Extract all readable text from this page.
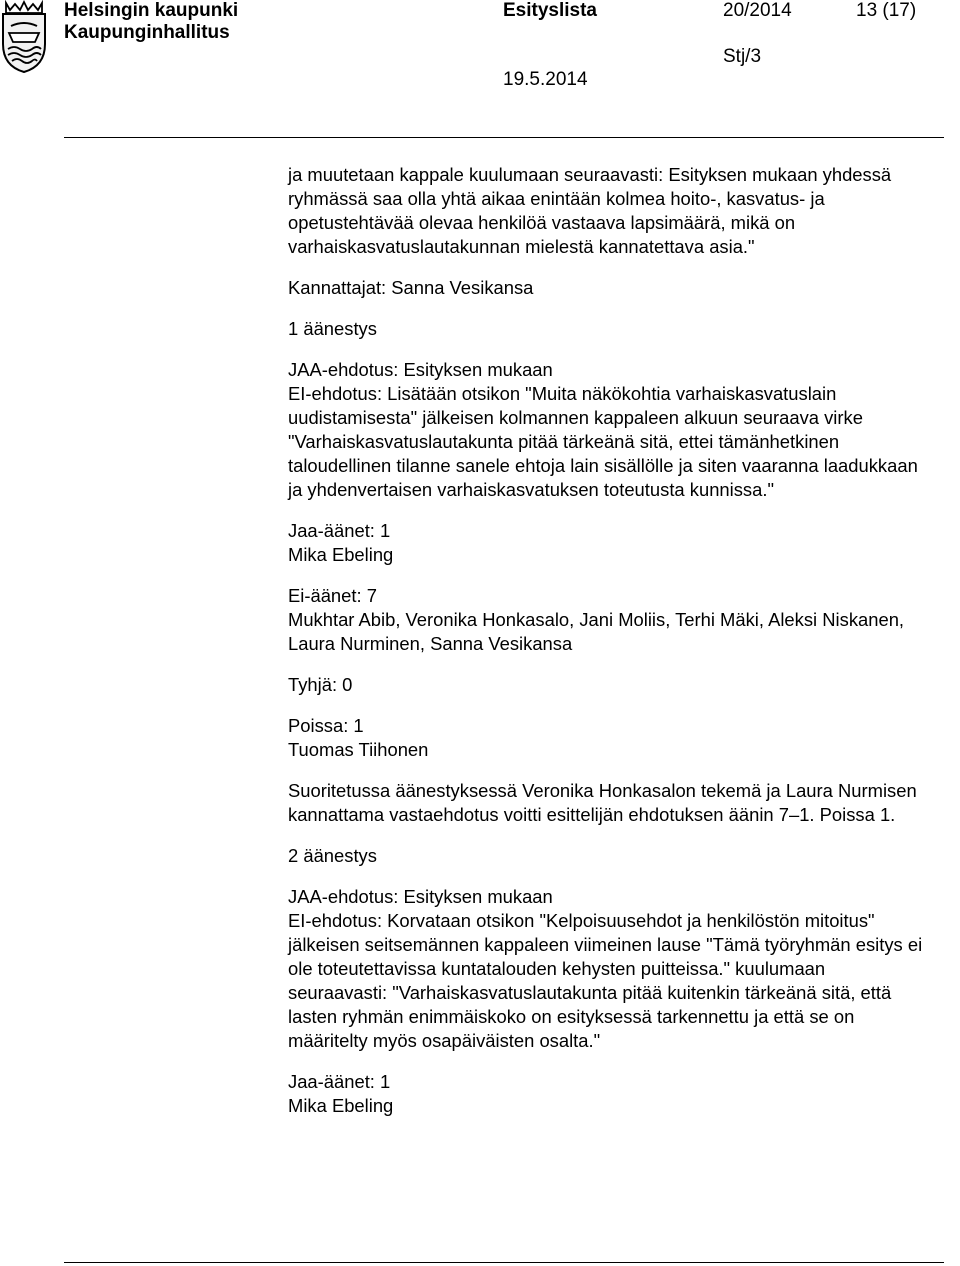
Helsingin kaupunki
Kaupunginhallitus
Esityslista	20/2014	13 (17)
Stj/3
19.5.2014

ja muutetaan kappale kuulumaan seuraavasti: Esityksen mukaan yhdessä ryhmässä saa olla yhtä aikaa enintään kolmea hoito-, kasvatus- ja opetustehtävää olevaa henkilöä vastaava lapsimäärä, mikä on varhaiskasvatuslautakunnan mielestä kannatettava asia."

Kannattajat: Sanna Vesikansa

1 äänestys

JAA-ehdotus: Esityksen mukaan
EI-ehdotus: Lisätään otsikon "Muita näkökohtia varhaiskasvatuslain uudistamisesta" jälkeisen kolmannen kappaleen alkuun seuraava virke "Varhaiskasvatuslautakunta pitää tärkeänä sitä, ettei tämänhetkinen taloudellinen tilanne sanele ehtoja lain sisällölle ja siten vaaranna laadukkaan ja yhdenvertaisen varhaiskasvatuksen toteutusta kunnissa."

Jaa-äänet: 1
Mika Ebeling

Ei-äänet: 7
Mukhtar Abib, Veronika Honkasalo, Jani Moliis, Terhi Mäki, Aleksi Niskanen, Laura Nurminen, Sanna Vesikansa

Tyhjä: 0

Poissa: 1
Tuomas Tiihonen

Suoritetussa äänestyksessä Veronika Honkasalon tekemä ja Laura Nurmisen kannattama vastaehdotus voitti esittelijän ehdotuksen äänin 7–1. Poissa 1.

2 äänestys

JAA-ehdotus: Esityksen mukaan
EI-ehdotus: Korvataan otsikon "Kelpoisuusehdot ja henkilöstön mitoitus" jälkeisen seitsemännen kappaleen viimeinen lause "Tämä työryhmän esitys ei ole toteutettavissa kuntatalouden kehysten puitteissa." kuulumaan seuraavasti: "Varhaiskasvatuslautakunta pitää kuitenkin tärkeänä sitä, että lasten ryhmän enimmäiskoko on esityksessä tarkennettu ja että se on määritelty myös osapäiväisten osalta."

Jaa-äänet: 1
Mika Ebeling
